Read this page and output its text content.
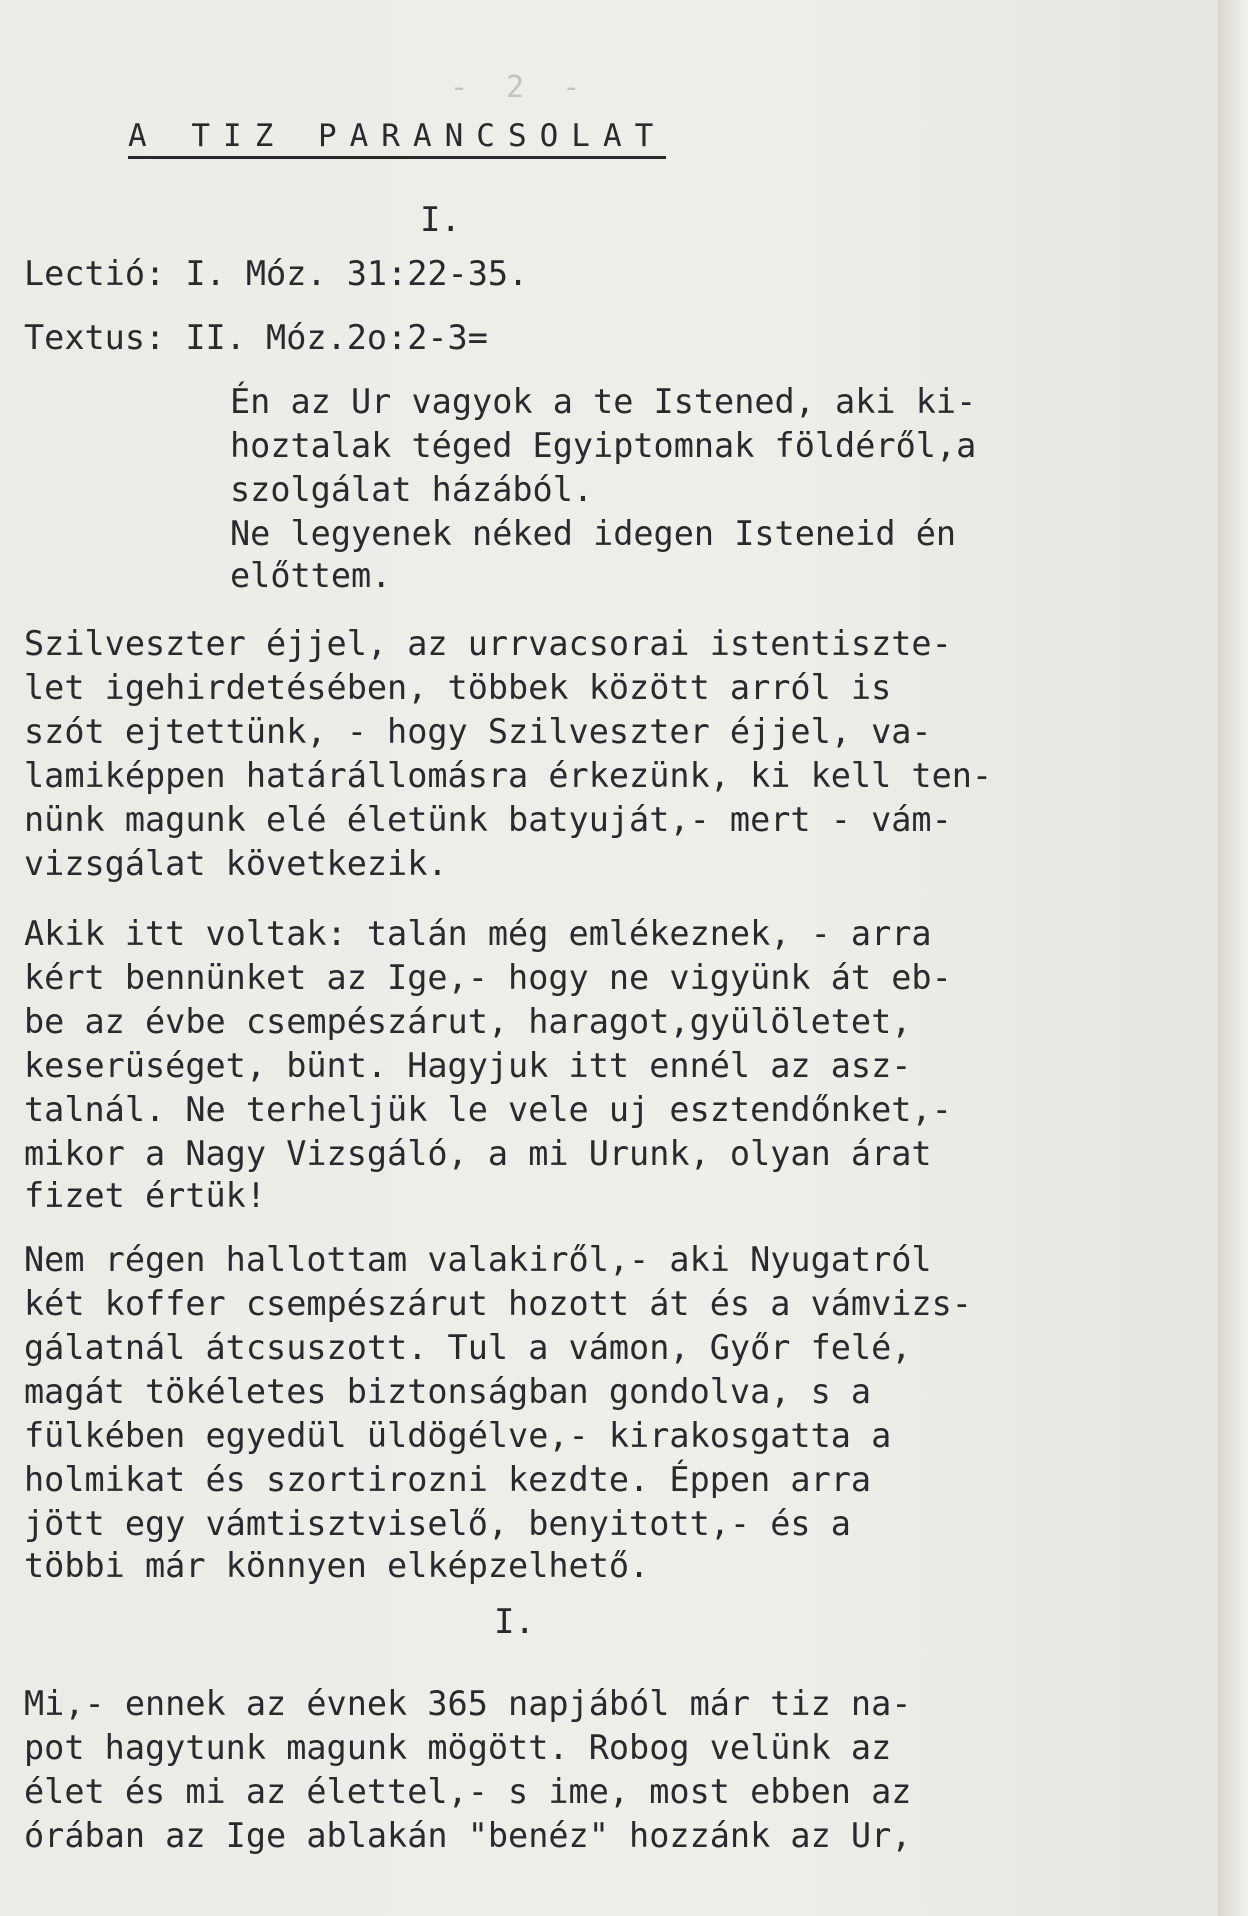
- 2 -
A TIZ PARANCSOLAT
I.
Lectió: I. Móz. 31:22-35.
Textus: II. Móz.2o:2-3=
Én az Ur vagyok a te Istened, aki ki-
hoztalak téged Egyiptomnak földéről,a
szolgálat házából.
Ne legyenek néked idegen Isteneid én
előttem.
Szilveszter éjjel, az urrvacsorai istentiszte-
let igehirdetésében, többek között arról is
szót ejtettünk, - hogy Szilveszter éjjel, va-
lamiképpen határállomásra érkezünk, ki kell ten-
nünk magunk elé életünk batyuját,- mert - vám-
vizsgálat következik.
Akik itt voltak: talán még emlékeznek, - arra
kért bennünket az Ige,- hogy ne vigyünk át eb-
be az évbe csempészárut, haragot,gyülöletet,
keserüséget, bünt. Hagyjuk itt ennél az asz-
talnál. Ne terheljük le vele uj esztendőnket,-
mikor a Nagy Vizsgáló, a mi Urunk, olyan árat
fizet értük!
Nem régen hallottam valakiről,- aki Nyugatról
két koffer csempészárut hozott át és a vámvizs-
gálatnál átcsuszott. Tul a vámon, Győr felé,
magát tökéletes biztonságban gondolva, s a
fülkében egyedül üldögélve,- kirakosgatta a
holmikat és szortirozni kezdte. Éppen arra
jött egy vámtisztviselő, benyitott,- és a
többi már könnyen elképzelhető.
I.
Mi,- ennek az évnek 365 napjából már tiz na-
pot hagytunk magunk mögött. Robog velünk az
élet és mi az élettel,- s ime, most ebben az
órában az Ige ablakán "benéz" hozzánk az Ur,
